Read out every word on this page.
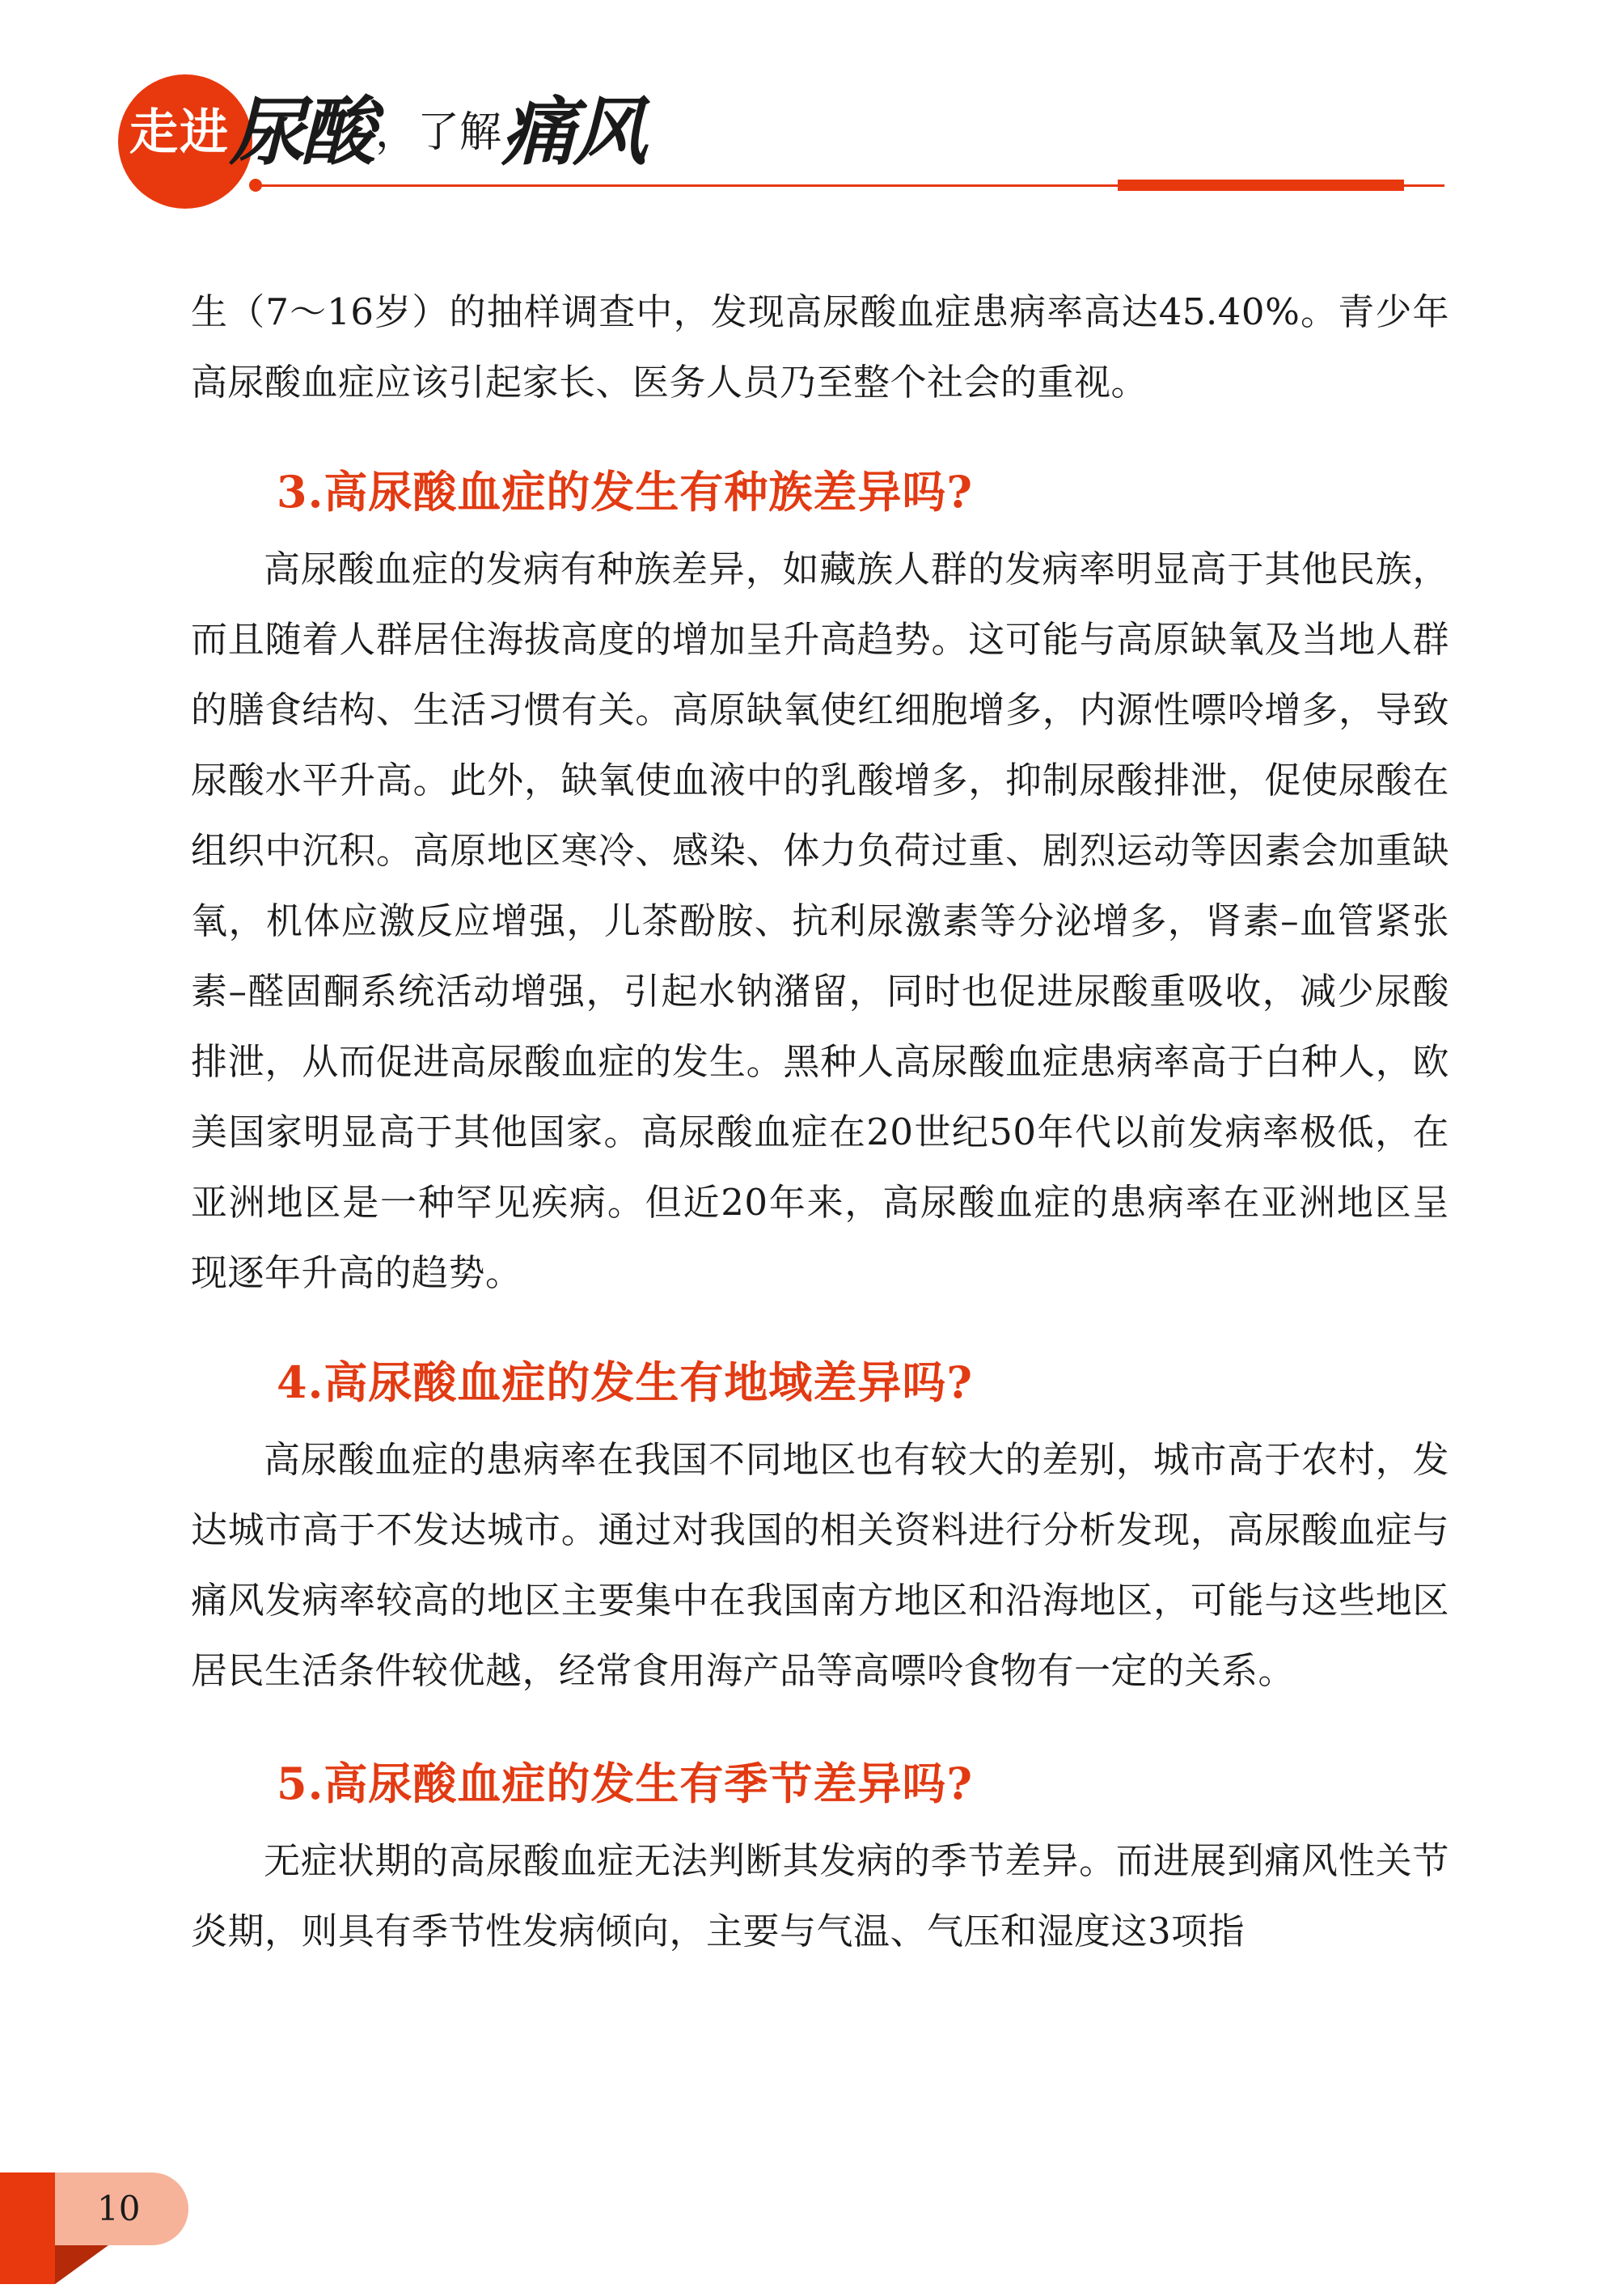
走进尿酸，了解痛风

生（7～16岁）的抽样调查中，发现高尿酸血症患病率高达45.40%。青少年高尿酸血症应该引起家长、医务人员乃至整个社会的重视。

3.高尿酸血症的发生有种族差异吗?

高尿酸血症的发病有种族差异，如藏族人群的发病率明显高于其他民族，而且随着人群居住海拔高度的增加呈升高趋势。这可能与高原缺氧及当地人群的膳食结构、生活习惯有关。高原缺氧使红细胞增多，内源性嘌呤增多，导致尿酸水平升高。此外，缺氧使血液中的乳酸增多，抑制尿酸排泄，促使尿酸在组织中沉积。高原地区寒冷、感染、体力负荷过重、剧烈运动等因素会加重缺氧，机体应激反应增强，儿茶酚胺、抗利尿激素等分泌增多，肾素–血管紧张素–醛固酮系统活动增强，引起水钠潴留，同时也促进尿酸重吸收，减少尿酸排泄，从而促进高尿酸血症的发生。黑种人高尿酸血症患病率高于白种人，欧美国家明显高于其他国家。高尿酸血症在20世纪50年代以前发病率极低，在亚洲地区是一种罕见疾病。但近20年来，高尿酸血症的患病率在亚洲地区呈现逐年升高的趋势。

4.高尿酸血症的发生有地域差异吗?

高尿酸血症的患病率在我国不同地区也有较大的差别，城市高于农村，发达城市高于不发达城市。通过对我国的相关资料进行分析发现，高尿酸血症与痛风发病率较高的地区主要集中在我国南方地区和沿海地区，可能与这些地区居民生活条件较优越，经常食用海产品等高嘌呤食物有一定的关系。

5.高尿酸血症的发生有季节差异吗?

无症状期的高尿酸血症无法判断其发病的季节差异。而进展到痛风性关节炎期，则具有季节性发病倾向，主要与气温、气压和湿度这3项指

10
